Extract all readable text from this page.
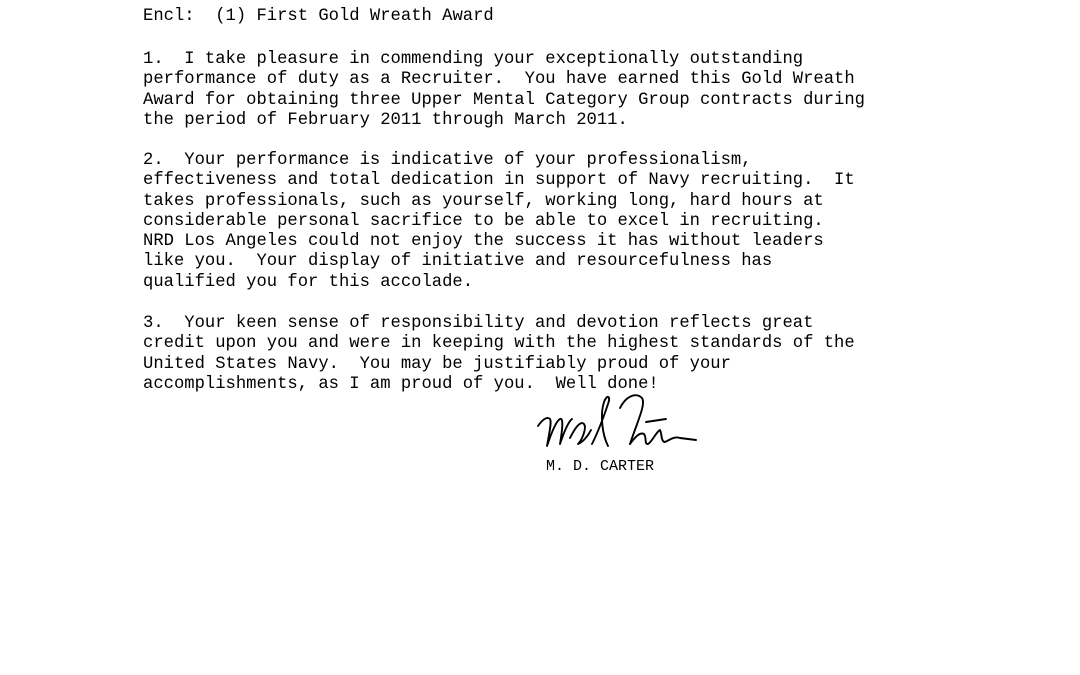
Encl: (1) First Gold Wreath Award

1.  I take pleasure in commending your exceptionally outstanding
performance of duty as a Recruiter.  You have earned this Gold Wreath
Award for obtaining three Upper Mental Category Group contracts during
the period of February 2011 through March 2011.

2.  Your performance is indicative of your professionalism,
effectiveness and total dedication in support of Navy recruiting.  It
takes professionals, such as yourself, working long, hard hours at
considerable personal sacrifice to be able to excel in recruiting.
NRD Los Angeles could not enjoy the success it has without leaders
like you.  Your display of initiative and resourcefulness has
qualified you for this accolade.

3.  Your keen sense of responsibility and devotion reflects great
credit upon you and were in keeping with the highest standards of the
United States Navy.  You may be justifiably proud of your
accomplishments, as I am proud of you.  Well done!

M. D. CARTER
